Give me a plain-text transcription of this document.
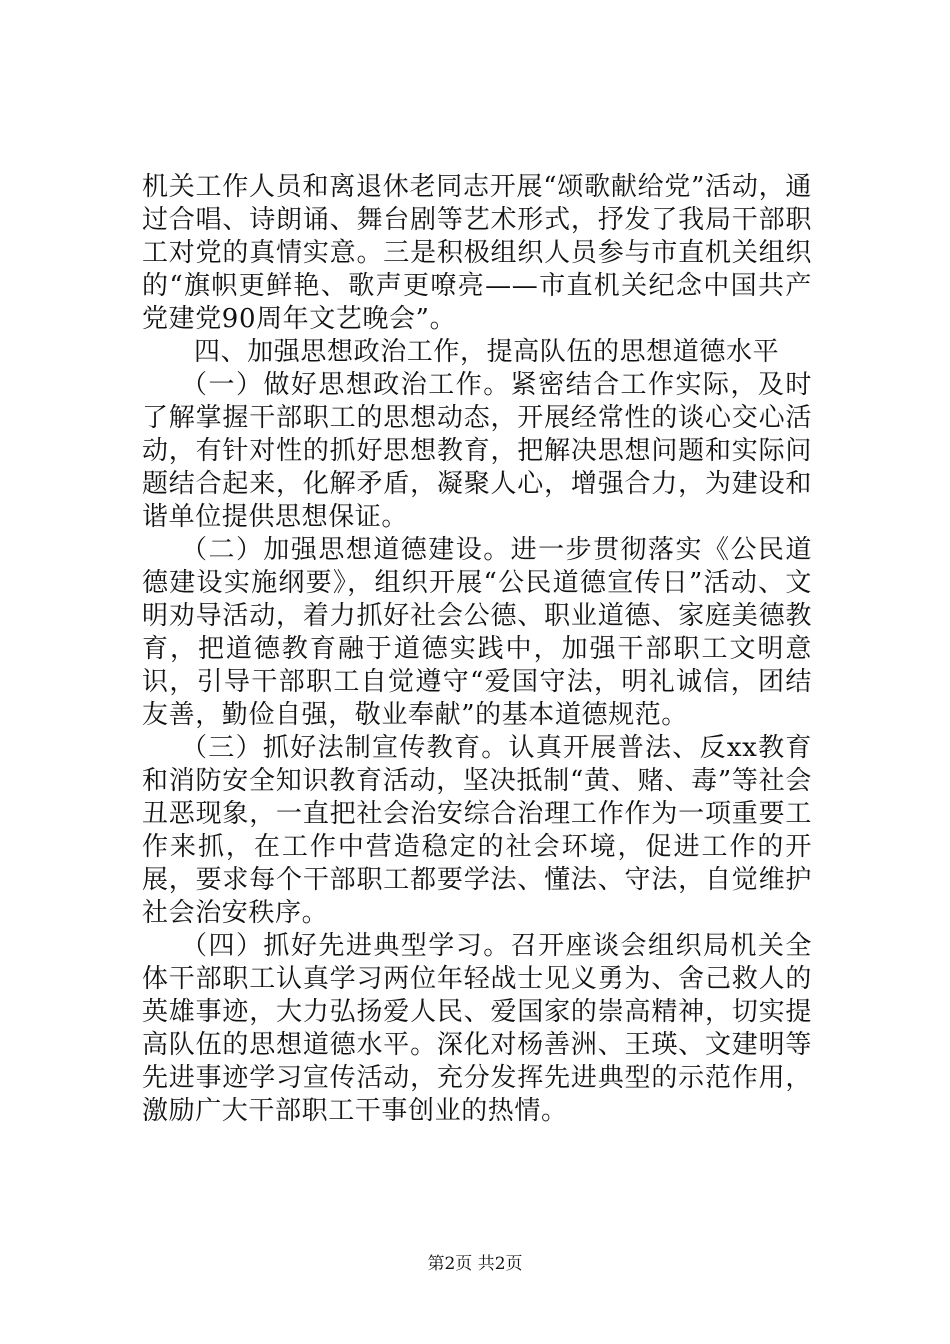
机关工作人员和离退休老同志开展“颂歌献给党”活动，通过合唱、诗朗诵、舞台剧等艺术形式，抒发了我局干部职工对党的真情实意。三是积极组织人员参与市直机关组织的“旗帜更鲜艳、歌声更嘹亮——市直机关纪念中国共产党建党90周年文艺晚会”。

四、加强思想政治工作，提高队伍的思想道德水平

（一）做好思想政治工作。紧密结合工作实际，及时了解掌握干部职工的思想动态，开展经常性的谈心交心活动，有针对性的抓好思想教育，把解决思想问题和实际问题结合起来，化解矛盾，凝聚人心，增强合力，为建设和谐单位提供思想保证。

（二）加强思想道德建设。进一步贯彻落实《公民道德建设实施纲要》，组织开展“公民道德宣传日”活动、文明劝导活动，着力抓好社会公德、职业道德、家庭美德教育，把道德教育融于道德实践中，加强干部职工文明意识，引导干部职工自觉遵守“爱国守法，明礼诚信，团结友善，勤俭自强，敬业奉献”的基本道德规范。

（三）抓好法制宣传教育。认真开展普法、反xx教育和消防安全知识教育活动，坚决抵制“黄、赌、毒”等社会丑恶现象，一直把社会治安综合治理工作作为一项重要工作来抓，在工作中营造稳定的社会环境，促进工作的开展，要求每个干部职工都要学法、懂法、守法，自觉维护社会治安秩序。

（四）抓好先进典型学习。召开座谈会组织局机关全体干部职工认真学习两位年轻战士见义勇为、舍己救人的英雄事迹，大力弘扬爱人民、爱国家的崇高精神，切实提高队伍的思想道德水平。深化对杨善洲、王瑛、文建明等先进事迹学习宣传活动，充分发挥先进典型的示范作用，激励广大干部职工干事创业的热情。

第2页 共2页
